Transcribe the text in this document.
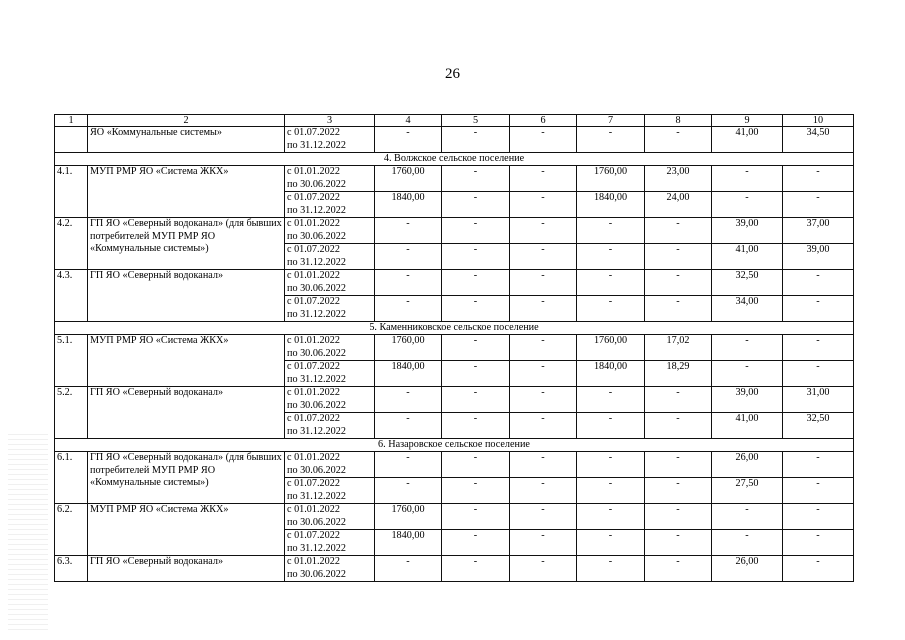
26
1	2	3	4	5	6	7	8	9	10
	ЯО «Коммунальные системы»	с 01.07.2022
по 31.12.2022	-	-	-	-	-	41,00	34,50
4. Волжское сельское поселение									
4.1.	МУП РМР ЯО «Система ЖКХ»	с 01.01.2022
по 30.06.2022	1760,00	-	-	1760,00	23,00	-	-

		с 01.07.2022
по 31.12.2022	1840,00	-	-	1840,00	24,00	-	-
4.2.	ГП ЯО «Северный водоканал» (для бывших потребителей МУП РМР ЯО «Коммунальные системы»)	с 01.01.2022
по 30.06.2022	-	-	-	-	-	39,00	37,00

		с 01.07.2022
по 31.12.2022	-	-	-	-	-	41,00	39,00
4.3.	ГП ЯО «Северный водоканал»	с 01.01.2022
по 30.06.2022	-	-	-	-	-	32,50	-

		с 01.07.2022
по 31.12.2022	-	-	-	-	-	34,00	-
5. Каменниковское сельское поселение									
5.1.	МУП РМР ЯО «Система ЖКХ»	с 01.01.2022
по 30.06.2022	1760,00	-	-	1760,00	17,02	-	-

		с 01.07.2022
по 31.12.2022	1840,00	-	-	1840,00	18,29	-	-
5.2.	ГП ЯО «Северный водоканал»	с 01.01.2022
по 30.06.2022	-	-	-	-	-	39,00	31,00

		с 01.07.2022
по 31.12.2022	-	-	-	-	-	41,00	32,50
6. Назаровское сельское поселение									
6.1.	ГП ЯО «Северный водоканал» (для бывших потребителей МУП РМР ЯО «Коммунальные системы»)	с 01.01.2022
по 30.06.2022	-	-	-	-	-	26,00	-

		с 01.07.2022
по 31.12.2022	-	-	-	-	-	27,50	-
6.2.	МУП РМР ЯО «Система ЖКХ»	с 01.01.2022
по 30.06.2022	1760,00	-	-	-	-	-	-

		с 01.07.2022
по 31.12.2022	1840,00	-	-	-	-	-	-
6.3.	ГП ЯО «Северный водоканал»	с 01.01.2022
по 30.06.2022	-	-	-	-	-	26,00	-
